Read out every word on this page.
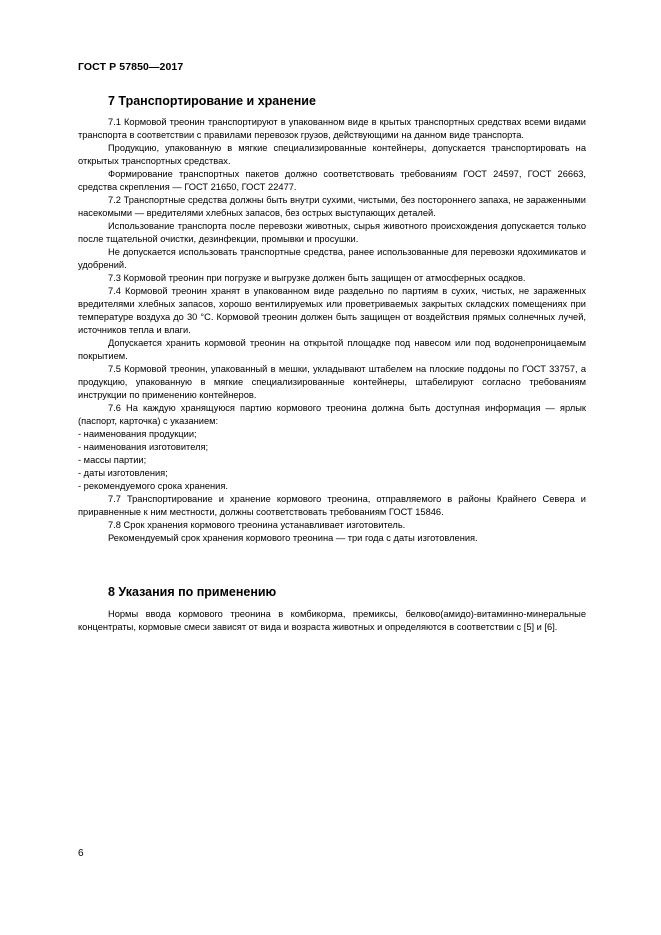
ГОСТ Р 57850—2017
7 Транспортирование и хранение

7.1 Кормовой треонин транспортируют в упакованном виде в крытых транспортных средствах всеми видами транспорта в соответствии с правилами перевозок грузов, действующими на данном виде транспорта.

Продукцию, упакованную в мягкие специализированные контейнеры, допускается транспортировать на открытых транспортных средствах.

Формирование транспортных пакетов должно соответствовать требованиям ГОСТ 24597, ГОСТ 26663, средства скрепления — ГОСТ 21650, ГОСТ 22477.

7.2 Транспортные средства должны быть внутри сухими, чистыми, без постороннего запаха, не зараженными насекомыми — вредителями хлебных запасов, без острых выступающих деталей.

Использование транспорта после перевозки животных, сырья животного происхождения допускается только после тщательной очистки, дезинфекции, промывки и просушки.

Не допускается использовать транспортные средства, ранее использованные для перевозки ядохимикатов и удобрений.

7.3 Кормовой треонин при погрузке и выгрузке должен быть защищен от атмосферных осадков.

7.4 Кормовой треонин хранят в упакованном виде раздельно по партиям в сухих, чистых, не зараженных вредителями хлебных запасов, хорошо вентилируемых или проветриваемых закрытых складских помещениях при температуре воздуха до 30 °С. Кормовой треонин должен быть защищен от воздействия прямых солнечных лучей, источников тепла и влаги.

Допускается хранить кормовой треонин на открытой площадке под навесом или под водонепроницаемым покрытием.

7.5 Кормовой треонин, упакованный в мешки, укладывают штабелем на плоские поддоны по ГОСТ 33757, а продукцию, упакованную в мягкие специализированные контейнеры, штабелируют согласно требованиям инструкции по применению контейнеров.

7.6 На каждую хранящуюся партию кормового треонина должна быть доступная информация — ярлык (паспорт, карточка) с указанием:

- наименования продукции;

- наименования изготовителя;

- массы партии;

- даты изготовления;

- рекомендуемого срока хранения.

7.7 Транспортирование и хранение кормового треонина, отправляемого в районы Крайнего Севера и приравненные к ним местности, должны соответствовать требованиям ГОСТ 15846.

7.8 Срок хранения кормового треонина устанавливает изготовитель.

Рекомендуемый срок хранения кормового треонина — три года с даты изготовления.

8 Указания по применению

Нормы ввода кормового треонина в комбикорма, премиксы, белково(амидо)-витаминно-минеральные концентраты, кормовые смеси зависят от вида и возраста животных и определяются в соответствии с [5] и [6].

6
